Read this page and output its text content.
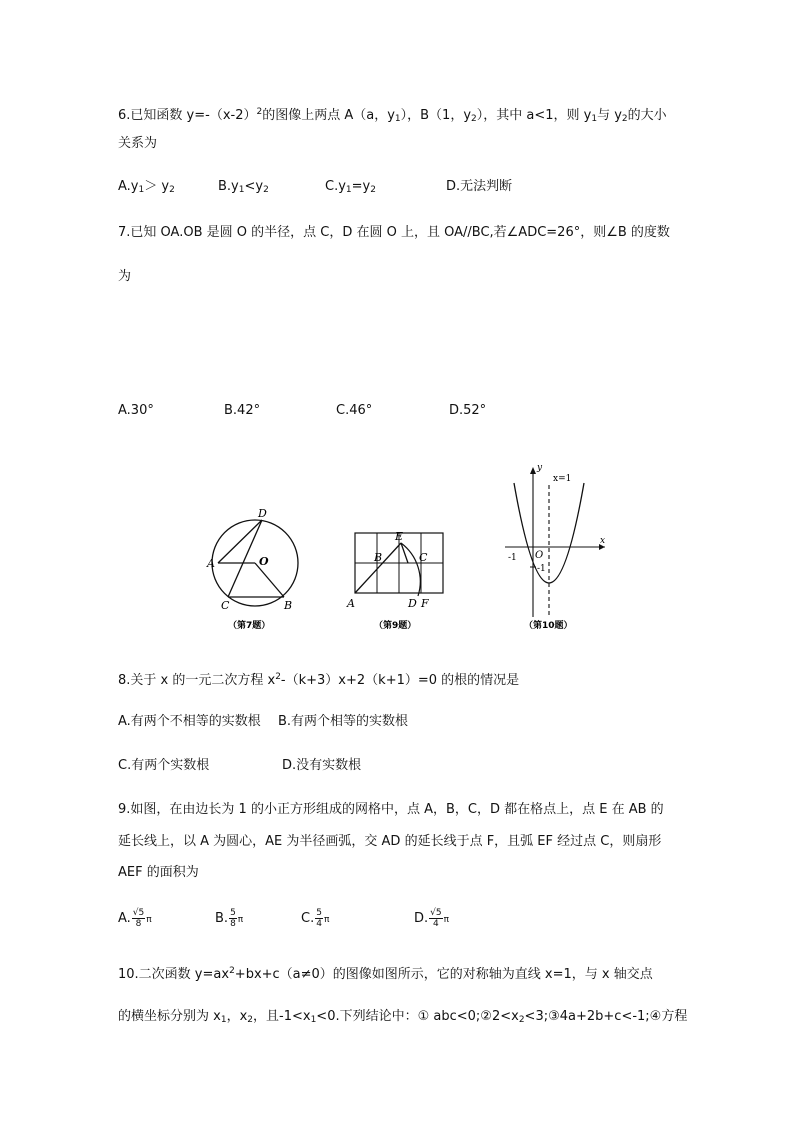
6.已知函数 $y=-(x-2)^2$的图像上两点 A（a，$y_1$），B（1，$y_2$），其中 a<1，则 $y_1$与 $y_2$的大小
关系为
$A.y_1> y_2$	$B.y_1<y_2$	$C.y_1=y_2$	D.无法判断
7.已知 OA.OB 是圆 O 的半径，点 C，D 在圆 O 上，且 OA//BC,若∠ADC=26°，则∠B 的度数
为
A.30°	B.42°	C.46°	D.52°
D
A	O
C	B
（第7题）
E
B	C
A	D F
（第9题）
y
x=1
x
O
-1
-1
（第10题）
8.关于 x 的一元二次方程 $x^2-(k+3)x+2(k+1)=0$ 的根的情况是
A.有两个不相等的实数根 B.有两个相等的实数根
C.有两个实数根	D.没有实数根
9.如图，在由边长为 1 的小正方形组成的网格中，点 A，B，C，D 都在格点上，点 E 在 AB 的
延长线上，以 A 为圆心，AE 为半径画弧，交 AD 的延长线于点 F，且弧 EF 经过点 C，则扇形
AEF 的面积为
A. $\frac{√5}{8}$ π	B. $\frac{5}{8}$ π	C. $\frac{5}{4}$ π	D. $\frac{√5}{4}$ π
10.二次函数 $y=ax^2+bx+c(a\ne 0)$的图像如图所示，它的对称轴为直线 x=1，与 x 轴交点
的横坐标分别为 $x_1$，$x_2$，且$-1<x_1<0$.下列结论中：① $abc<0;②2<x_2<3;③4a+2b+c<-1;④$方程
